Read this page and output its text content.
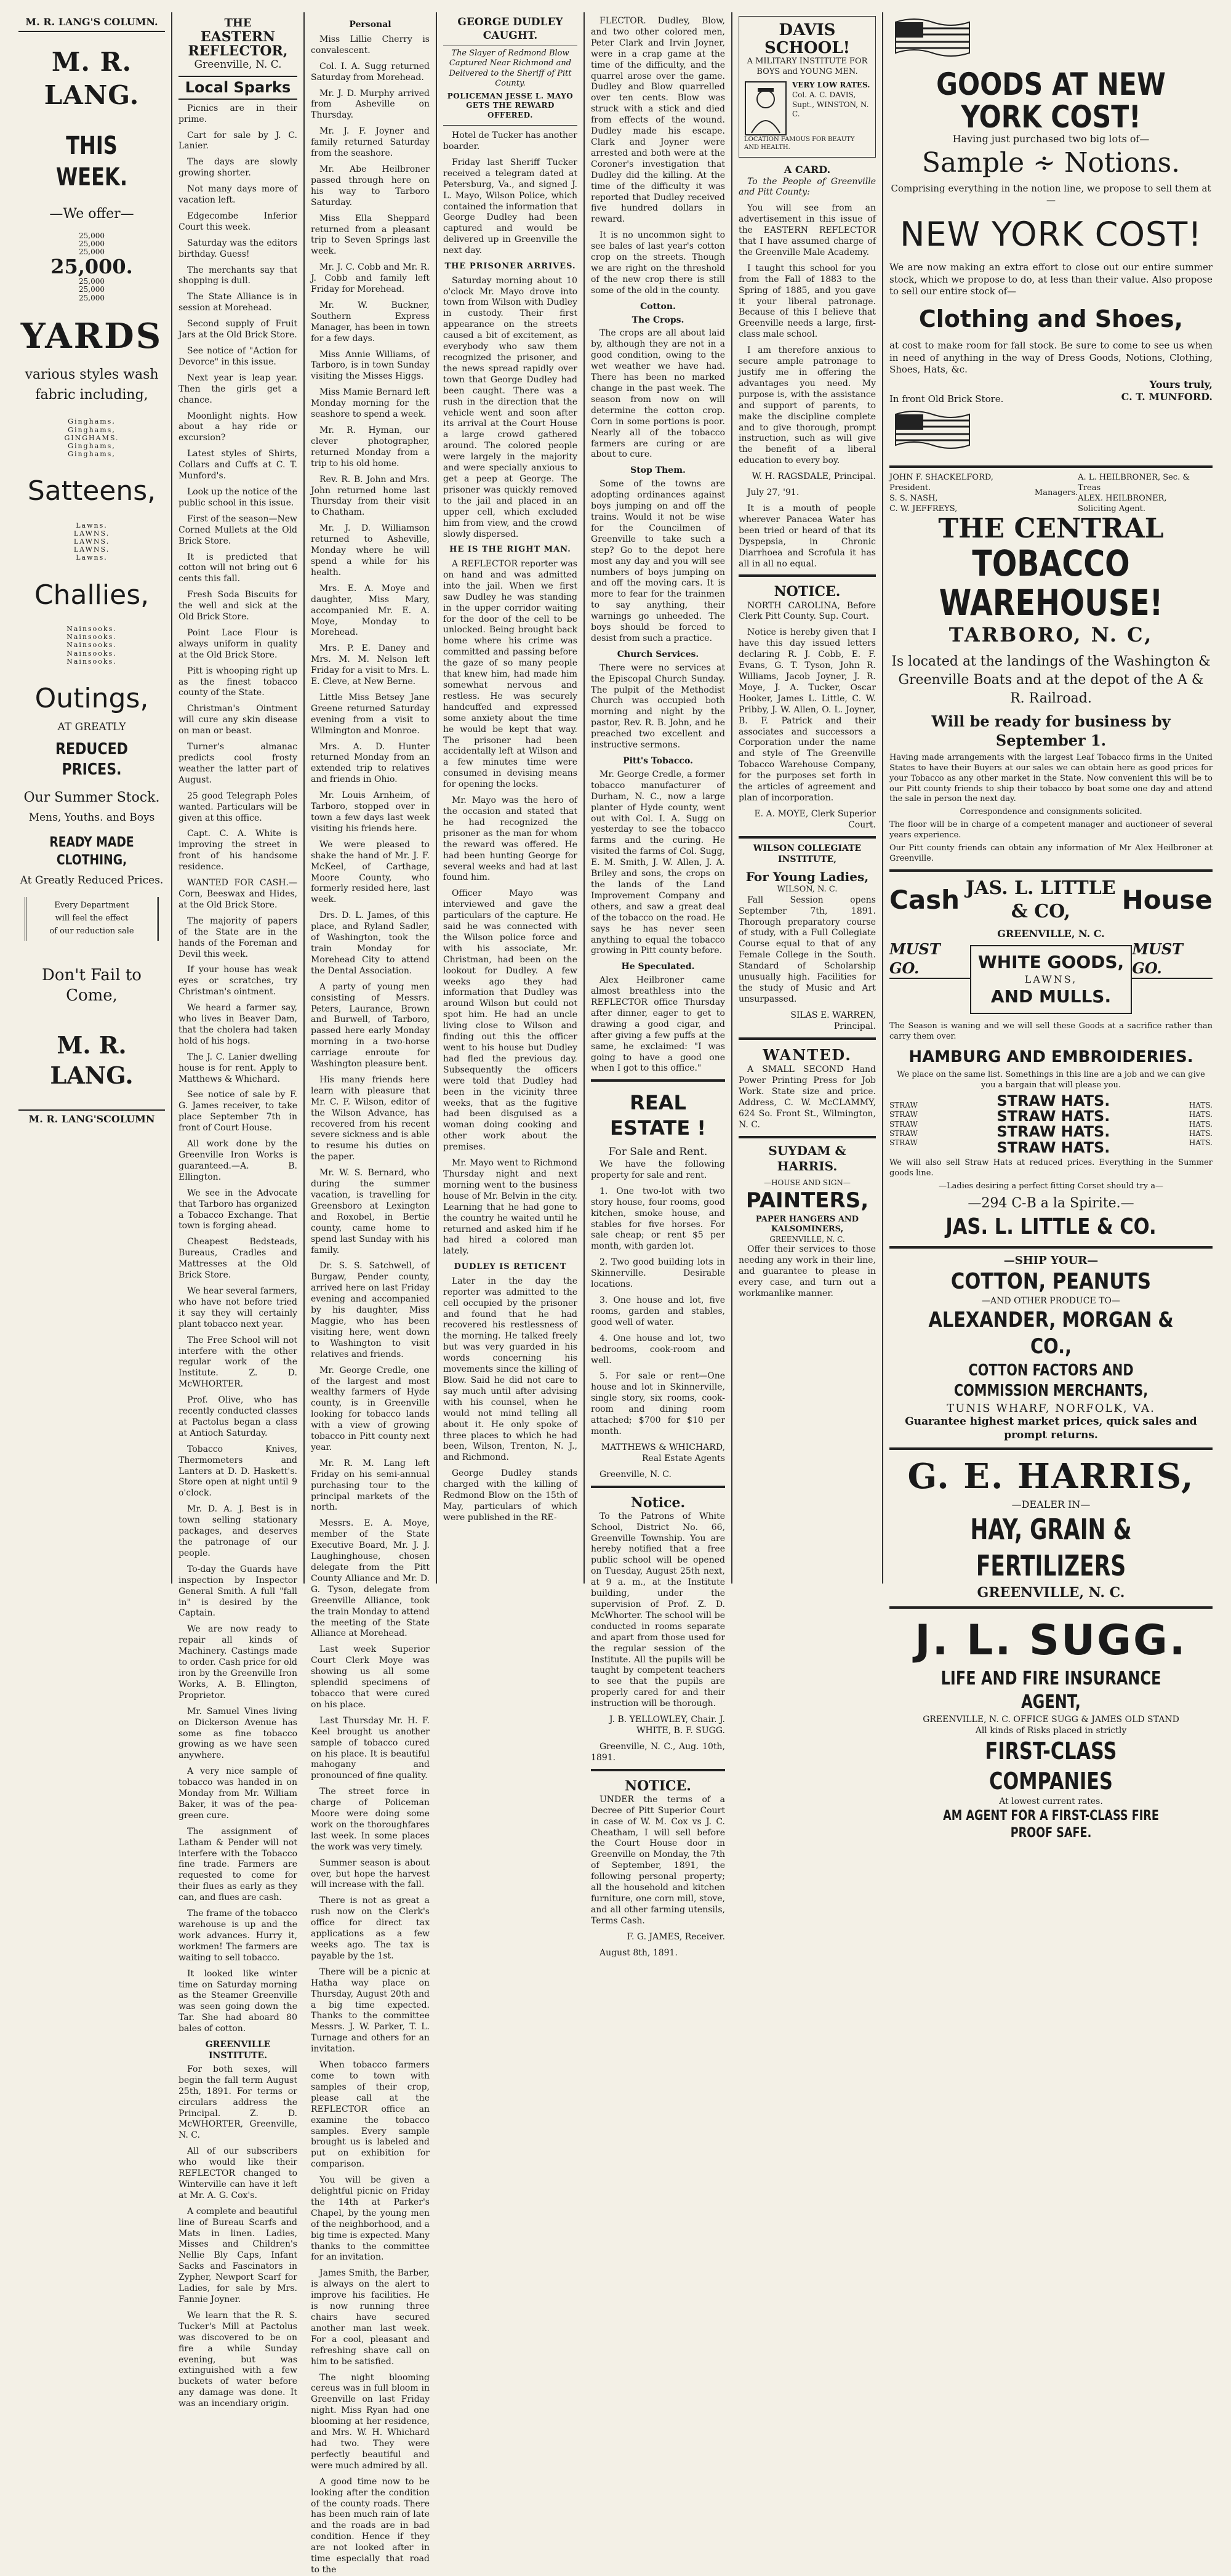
M. R. LANG'S COLUMN.
M. R. LANG.
THIS WEEK.
—We offer—
25,000
25,000
25,000
25,000.
25,000
25,000
25,000
YARDS
various styles wash fabric including,
Ginghams,
Ginghams,
GINGHAMS.
Ginghams,
Ginghams,
Satteens,
Lawns.
LAWNS.
LAWNS.
LAWNS.
Lawns.
Challies,
Nainsooks.
Nainsooks.
Nainsooks.
Nainsooks.
Nainsooks.
Outings,
AT GREATLY
REDUCED PRICES.
Our Summer Stock.
Mens, Youths. and Boys
READY MADE CLOTHING,
At Greatly Reduced Prices.
Every Department
will feel the effect
of our reduction sale
Don't Fail to Come,
M. R. LANG.
M. R. LANG'SCOLUMN
THE
EASTERN REFLECTOR,
Greenville, N. C.
Local Sparks
Picnics are in their prime.
Cart for sale by J. C. Lanier.
The days are slowly growing shorter.
Not many days more of vacation left.
Edgecombe Inferior Court this week.
Saturday was the editors birthday. Guess!
The merchants say that shopping is dull.
The State Alliance is in session at Morehead.
Second supply of Fruit Jars at the Old Brick Store.
See notice of "Action for Devorce" in this issue.
Next year is leap year. Then the girls get a chance.
Moonlight nights. How about a hay ride or excursion?
Latest styles of Shirts, Collars and Cuffs at C. T. Munford's.
Look up the notice of the public school in this issue.
First of the season—New Corned Mullets at the Old Brick Store.
It is predicted that cotton will not bring out 6 cents this fall.
Fresh Soda Biscuits for the well and sick at the Old Brick Store.
Point Lace Flour is always uniform in quality at the Old Brick Store.
Pitt is whooping right up as the finest tobacco county of the State.
Christman's Ointment will cure any skin disease on man or beast.
Turner's almanac predicts cool frosty weather the latter part of August.
25 good Telegraph Poles wanted. Particulars will be given at this office.
Capt. C. A. White is improving the street in front of his handsome residence.
WANTED FOR CASH.—Corn, Beeswax and Hides, at the Old Brick Store.
The majority of papers of the State are in the hands of the Foreman and Devil this week.
If your house has weak eyes or scratches, try Christman's ointment.
We heard a farmer say, who lives in Beaver Dam, that the cholera had taken hold of his hogs.
The J. C. Lanier dwelling house is for rent. Apply to Matthews & Whichard.
See notice of sale by F. G. James receiver, to take place September 7th in front of Court House.
All work done by the Greenville Iron Works is guaranteed.—A. B. Ellington.
We see in the Advocate that Tarboro has organized a Tobacco Exchange. That town is forging ahead.
Cheapest Bedsteads, Bureaus, Cradles and Mattresses at the Old Brick Store.
We hear several farmers, who have not before tried it say they will certainly plant tobacco next year.
The Free School will not interfere with the other regular work of the Institute. Z. D. McWHORTER.
Prof. Olive, who has recently conducted classes at Pactolus began a class at Antioch Saturday.
Tobacco Knives, Thermometers and Lanters at D. D. Haskett's. Store open at night until 9 o'clock.
Mr. D. A. J. Best is in town selling stationary packages, and deserves the patronage of our people.
To-day the Guards have inspection by Inspector General Smith. A full "fall in" is desired by the Captain.
We are now ready to repair all kinds of Machinery. Castings made to order. Cash price for old iron by the Greenville Iron Works, A. B. Ellington, Proprietor.
Mr. Samuel Vines living on Dickerson Avenue has some as fine tobacco growing as we have seen anywhere.
A very nice sample of tobacco was handed in on Monday from Mr. William Baker, it was of the pea-green cure.
The assignment of Latham & Pender will not interfere with the Tobacco fine trade. Farmers are requested to come for their flues as early as they can, and flues are cash.
The frame of the tobacco warehouse is up and the work advances. Hurry it, workmen! The farmers are waiting to sell tobacco.
It looked like winter time on Saturday morning as the Steamer Greenville was seen going down the Tar. She had aboard 80 bales of cotton.
GREENVILLE INSTITUTE.
For both sexes, will begin the fall term August 25th, 1891. For terms or circulars address the Principal. Z. D. McWHORTER, Greenville, N. C.
All of our subscribers who would like their REFLECTOR changed to Winterville can have it left at Mr. A. G. Cox's.
A complete and beautiful line of Bureau Scarfs and Mats in linen. Ladies, Misses and Children's Nellie Bly Caps, Infant Sacks and Fascinators in Zypher, Newport Scarf for Ladies, for sale by Mrs. Fannie Joyner.
We learn that the R. S. Tucker's Mill at Pactolus was discovered to be on fire a while Sunday evening, but was extinguished with a few buckets of water before any damage was done. It was an incendiary origin.
Personal
Miss Lillie Cherry is convalescent.
Col. I. A. Sugg returned Saturday from Morehead.
Mr. J. D. Murphy arrived from Asheville on Thursday.
Mr. J. F. Joyner and family returned Saturday from the seashore.
Mr. Abe Heilbroner passed through here on his way to Tarboro Saturday.
Miss Ella Sheppard returned from a pleasant trip to Seven Springs last week.
Mr. J. C. Cobb and Mr. R. J. Cobb and family left Friday for Morehead.
Mr. W. Buckner, Southern Express Manager, has been in town for a few days.
Miss Annie Williams, of Tarboro, is in town Sunday visiting the Misses Higgs.
Miss Mamie Bernard left Monday morning for the seashore to spend a week.
Mr. R. Hyman, our clever photographer, returned Monday from a trip to his old home.
Rev. R. B. John and Mrs. John returned home last Thursday from their visit to Chatham.
Mr. J. D. Williamson returned to Asheville, Monday where he will spend a while for his health.
Mrs. E. A. Moye and daughter, Miss Mary, accompanied Mr. E. A. Moye, Monday to Morehead.
Mrs. P. E. Daney and Mrs. M. M. Nelson left Friday for a visit to Mrs. L. E. Cleve, at New Berne.
Little Miss Betsey Jane Greene returned Saturday evening from a visit to Wilmington and Monroe.
Mrs. A. D. Hunter returned Monday from an extended trip to relatives and friends in Ohio.
Mr. Louis Arnheim, of Tarboro, stopped over in town a few days last week visiting his friends here.
We were pleased to shake the hand of Mr. J. F. McKeel, of Carthage, Moore County, who formerly resided here, last week.
Drs. D. L. James, of this place, and Ryland Sadler, of Washington, took the train Monday for Morehead City to attend the Dental Association.
A party of young men consisting of Messrs. Peters, Laurance, Brown and Burwell, of Tarboro, passed here early Monday morning in a two-horse carriage enroute for Washington pleasure bent.
His many friends here learn with pleasure that Mr. C. F. Wilson, editor of the Wilson Advance, has recovered from his recent severe sickness and is able to resume his duties on the paper.
Mr. W. S. Bernard, who during the summer vacation, is travelling for Greensboro at Lexington and Roxobel, in Bertie county, came home to spend last Sunday with his family.
Dr. S. S. Satchwell, of Burgaw, Pender county, arrived here on last Friday evening and accompanied by his daughter, Miss Maggie, who has been visiting here, went down to Washington to visit relatives and friends.
Mr. George Credle, one of the largest and most wealthy farmers of Hyde county, is in Greenville looking for tobacco lands with a view of growing tobacco in Pitt county next year.
Mr. R. M. Lang left Friday on his semi-annual purchasing tour to the principal markets of the north.
Messrs. E. A. Moye, member of the State Executive Board, Mr. J. J. Laughinghouse, chosen delegate from the Pitt County Alliance and Mr. D. G. Tyson, delegate from Greenville Alliance, took the train Monday to attend the meeting of the State Alliance at Morehead.
Last week Superior Court Clerk Moye was showing us all some splendid specimens of tobacco that were cured on his place.
Last Thursday Mr. H. F. Keel brought us another sample of tobacco cured on his place. It is beautiful mahogany and pronounced of fine quality.
The street force in charge of Policeman Moore were doing some work on the thoroughfares last week. In some places the work was very timely.
Summer season is about over, but hope the harvest will increase with the fall.
There is not as great a rush now on the Clerk's office for direct tax applications as a few weeks ago. The tax is payable by the 1st.
There will be a picnic at Hatha way place on Thursday, August 20th and a big time expected. Thanks to the committee Messrs. J. W. Parker, T. L. Turnage and others for an invitation.
When tobacco farmers come to town with samples of their crop, please call at the REFLECTOR office an examine the tobacco samples. Every sample brought us is labeled and put on exhibition for comparison.
You will be given a delightful picnic on Friday the 14th at Parker's Chapel, by the young men of the neighborhood, and a big time is expected. Many thanks to the committee for an invitation.
James Smith, the Barber, is always on the alert to improve his facilities. He is now running three chairs have secured another man last week. For a cool, pleasant and refreshing shave call on him to be satisfied.
The night blooming cereus was in full bloom in Greenville on last Friday night. Miss Ryan had one blooming at her residence, and Mrs. W. H. Whichard had two. They were perfectly beautiful and were much admired by all.
A good time now to be looking after the condition of the county roads. There has been much rain of late and the roads are in bad condition. Hence if they are not looked after in time especially that road to the
GEORGE DUDLEY CAUGHT.
The Slayer of Redmond Blow Captured Near Richmond and Delivered to the Sheriff of Pitt County.
POLICEMAN JESSE L. MAYO GETS THE REWARD OFFERED.
Hotel de Tucker has another boarder.
Friday last Sheriff Tucker received a telegram dated at Petersburg, Va., and signed J. L. Mayo, Wilson Police, which contained the information that George Dudley had been captured and would be delivered up in Greenville the next day.
THE PRISONER ARRIVES.
Saturday morning about 10 o'clock Mr. Mayo drove into town from Wilson with Dudley in custody. Their first appearance on the streets caused a bit of excitement, as everybody who saw them recognized the prisoner, and the news spread rapidly over town that George Dudley had been caught. There was a rush in the direction that the vehicle went and soon after its arrival at the Court House a large crowd gathered around. The colored people were largely in the majority and were specially anxious to get a peep at George. The prisoner was quickly removed to the jail and placed in an upper cell, which excluded him from view, and the crowd slowly dispersed.
HE IS THE RIGHT MAN.
A REFLECTOR reporter was on hand and was admitted into the jail. When we first saw Dudley he was standing in the upper corridor waiting for the door of the cell to be unlocked. Being brought back home where his crime was committed and passing before the gaze of so many people that knew him, had made him somewhat nervous and restless. He was securely handcuffed and expressed some anxiety about the time he would be kept that way. The prisoner had been accidentally left at Wilson and a few minutes time were consumed in devising means for opening the locks.
Mr. Mayo was the hero of the occasion and stated that he had recognized the prisoner as the man for whom the reward was offered. He had been hunting George for several weeks and had at last found him.
Officer Mayo was interviewed and gave the particulars of the capture. He said he was connected with the Wilson police force and with his associate, Mr. Christman, had been on the lookout for Dudley. A few weeks ago they had information that Dudley was around Wilson but could not spot him. He had an uncle living close to Wilson and finding out this the officer went to his house but Dudley had fled the previous day. Subsequently the officers were told that Dudley had been in the vicinity three weeks, that as the fugitive had been disguised as a woman doing cooking and other work about the premises.
Mr. Mayo went to Richmond Thursday night and next morning went to the business house of Mr. Belvin in the city. Learning that he had gone to the country he waited until he returned and asked him if he had hired a colored man lately.
DUDLEY IS RETICENT
Later in the day the reporter was admitted to the cell occupied by the prisoner and found that he had recovered his restlessness of the morning. He talked freely but was very guarded in his words concerning his movements since the killing of Blow. Said he did not care to say much until after advising with his counsel, when he would not mind telling all about it. He only spoke of three places to which he had been, Wilson, Trenton, N. J., and Richmond.
George Dudley stands charged with the killing of Redmond Blow on the 15th of May, particulars of which were published in the RE-
FLECTOR. Dudley, Blow, and two other colored men, Peter Clark and Irvin Joyner, were in a crap game at the time of the difficulty, and the quarrel arose over the game. Dudley and Blow quarrelled over ten cents. Blow was struck with a stick and died from effects of the wound. Dudley made his escape. Clark and Joyner were arrested and both were at the Coroner's investigation that Dudley did the killing. At the time of the difficulty it was reported that Dudley received five hundred dollars in reward.
It is no uncommon sight to see bales of last year's cotton crop on the streets. Though we are right on the threshold of the new crop there is still some of the old in the county.
Cotton.
The Crops.
The crops are all about laid by, although they are not in a good condition, owing to the wet weather we have had. There has been no marked change in the past week. The season from now on will determine the cotton crop. Corn in some portions is poor. Nearly all of the tobacco farmers are curing or are about to cure.
Stop Them.
Some of the towns are adopting ordinances against boys jumping on and off the trains. Would it not be wise for the Councilmen of Greenville to take such a step? Go to the depot here most any day and you will see numbers of boys jumping on and off the moving cars. It is more to fear for the trainmen to say anything, their warnings go unheeded. The boys should be forced to desist from such a practice.
Church Services.
There were no services at the Episcopal Church Sunday. The pulpit of the Methodist Church was occupied both morning and night by the pastor, Rev. R. B. John, and he preached two excellent and instructive sermons.
Pitt's Tobacco.
Mr. George Credle, a former tobacco manufacturer of Durham, N. C., now a large planter of Hyde county, went out with Col. I. A. Sugg on yesterday to see the tobacco farms and the curing. He visited the farms of Col. Sugg, E. M. Smith, J. W. Allen, J. A. Briley and sons, the crops on the lands of the Land Improvement Company and others, and saw a great deal of the tobacco on the road. He says he has never seen anything to equal the tobacco growing in Pitt county before.
He Speculated.
Alex Heilbroner came almost breathless into the REFLECTOR office Thursday after dinner, eager to get to drawing a good cigar, and after giving a few puffs at the same, he exclaimed: "I was going to have a good one when I got to this office."
REAL ESTATE !
For Sale and Rent.
We have the following property for sale and rent.
1. One two-lot with two story house, four rooms, good kitchen, smoke house, and stables for five horses. For sale cheap; or rent $5 per month, with garden lot.
2. Two good building lots in Skinnerville. Desirable locations.
3. One house and lot, five rooms, garden and stables, good well of water.
4. One house and lot, two bedrooms, cook-room and well.
5. For sale or rent—One house and lot in Skinnerville, single story, six rooms, cook-room and dining room attached; $700 for $10 per month.
MATTHEWS & WHICHARD, Real Estate Agents
Greenville, N. C.
Notice.
To the Patrons of White School, District No. 66, Greenville Township. You are hereby notified that a free public school will be opened on Tuesday, August 25th next, at 9 a. m., at the Institute building, under the supervision of Prof. Z. D. McWhorter. The school will be conducted in rooms separate and apart from those used for the regular session of the Institute. All the pupils will be taught by competent teachers to see that the pupils are properly cared for and their instruction will be thorough.
J. B. YELLOWLEY, Chair. J. WHITE, B. F. SUGG.
Greenville, N. C., Aug. 10th, 1891.
NOTICE.
UNDER the terms of a Decree of Pitt Superior Court in case of W. M. Cox vs J. C. Cheatham, I will sell before the Court House door in Greenville on Monday, the 7th of September, 1891, the following personal property; all the household and kitchen furniture, one corn mill, stove, and all other farming utensils, Terms Cash.
F. G. JAMES, Receiver.
August 8th, 1891.
DAVIS SCHOOL!
A MILITARY INSTITUTE FOR BOYS and YOUNG MEN.
VERY LOW RATES.
Col. A. C. DAVIS, Supt., WINSTON, N. C.
LOCATION FAMOUS FOR BEAUTY AND HEALTH.
A CARD.
To the People of Greenville and Pitt County:
You will see from an advertisement in this issue of the EASTERN REFLECTOR that I have assumed charge of the Greenville Male Academy.
I taught this school for you from the Fall of 1883 to the Spring of 1885, and you gave it your liberal patronage. Because of this I believe that Greenville needs a large, first-class male school.
I am therefore anxious to secure ample patronage to justify me in offering the advantages you need. My purpose is, with the assistance and support of parents, to make the discipline complete and to give thorough, prompt instruction, such as will give the benefit of a liberal education to every boy.
W. H. RAGSDALE, Principal.
July 27, '91.
It is a mouth of people wherever Panacea Water has been tried or heard of that its Dyspepsia, in Chronic Diarrhoea and Scrofula it has all in all no equal.
NOTICE.
NORTH CAROLINA, Before Clerk Pitt County. Sup. Court.
Notice is hereby given that I have this day issued letters declaring R. J. Cobb, E. F. Evans, G. T. Tyson, John R. Williams, Jacob Joyner, J. R. Moye, J. A. Tucker, Oscar Hooker, James L. Little, C. W. Pribby, J. W. Allen, O. L. Joyner, B. F. Patrick and their associates and successors a Corporation under the name and style of The Greenville Tobacco Warehouse Company, for the purposes set forth in the articles of agreement and plan of incorporation.
E. A. MOYE, Clerk Superior Court.
WILSON COLLEGIATE INSTITUTE,
For Young Ladies,
WILSON, N. C.
Fall Session opens September 7th, 1891. Thorough preparatory course of study, with a Full Collegiate Course equal to that of any Female College in the South. Standard of Scholarship unusually high. Facilities for the study of Music and Art unsurpassed.
SILAS E. WARREN, Principal.
WANTED.
A SMALL SECOND Hand Power Printing Press for Job Work. State size and price. Address, C. W. McCLAMMY, 624 So. Front St., Wilmington, N. C.
SUYDAM & HARRIS.
—HOUSE AND SIGN—
PAINTERS,
PAPER HANGERS AND KALSOMINERS,
GREENVILLE, N. C.
Offer their services to those needing any work in their line, and guarantee to please in every case, and turn out a workmanlike manner.
GOODS AT NEW YORK COST!
Having just purchased two big lots of—
Sample ∻ Notions.
Comprising everything in the notion line, we propose to sell them at—
NEW YORK COST!
We are now making an extra effort to close out our entire summer stock, which we propose to do, at less than their value. Also propose to sell our entire stock of—
Clothing and Shoes,
at cost to make room for fall stock. Be sure to come to see us when in need of anything in the way of Dress Goods, Notions, Clothing, Shoes, Hats, &c.
Yours truly,
In front Old Brick Store.	C. T. MUNFORD.
JOHN F. SHACKELFORD, President.
S. S. NASH,
C. W. JEFFREYS,
Managers.
A. L. HEILBRONER, Sec. & Treas
ALEX. HEILBRONER,
Soliciting Agent.
THE CENTRAL
TOBACCO WAREHOUSE!
TARBORO, N. C,
Is located at the landings of the Washington & Greenville Boats and at the depot of the A & R. Railroad.
Will be ready for business by September 1.
Having made arrangements with the largest Leaf Tobacco firms in the United States to have their Buyers at our sales we can obtain here as good prices for your Tobacco as any other market in the State. Now convenient this will be to our Pitt county friends to ship their tobacco by boat some one day and attend the sale in person the next day.
Correspondence and consignments solicited.
The floor will be in charge of a competent manager and auctioneer of several years experience.
Our Pitt county friends can obtain any information of Mr Alex Heilbroner at Greenville.
Cash JAS. L. LITTLE & CO,	House
GREENVILLE, N. C.
MUST GO.	WHITE GOODS,
LAWNS,
AND MULLS.
MUST GO.
The Season is waning and we will sell these Goods at a sacrifice rather than carry them over.
HAMBURG AND EMBROIDERIES.
We place on the same list. Somethings in this line are a job and we can give you a bargain that will please you.
STRAW
STRAW
STRAW
STRAW
STRAW
STRAW HATS.
STRAW HATS.
STRAW HATS.
STRAW HATS.
HATS.
HATS.
HATS.
HATS.
HATS.
We will also sell Straw Hats at reduced prices. Everything in the Summer goods line.
—Ladies desiring a perfect fitting Corset should try a—
—294 C-B a la Spirite.—
JAS. L. LITTLE & CO.
—SHIP YOUR—
COTTON, PEANUTS
—AND OTHER PRODUCE TO—
ALEXANDER, MORGAN & CO.,
COTTON FACTORS AND COMMISSION MERCHANTS,
TUNIS WHARF, NORFOLK, VA.
Guarantee highest market prices, quick sales and prompt returns.
G. E. HARRIS,
—DEALER IN—
HAY, GRAIN & FERTILIZERS
GREENVILLE, N. C.
J. L. SUGG.
LIFE AND FIRE INSURANCE AGENT,
GREENVILLE, N. C. OFFICE SUGG & JAMES OLD STAND
All kinds of Risks placed in strictly
FIRST-CLASS COMPANIES
At lowest current rates.
AM AGENT FOR A FIRST-CLASS FIRE PROOF SAFE.
